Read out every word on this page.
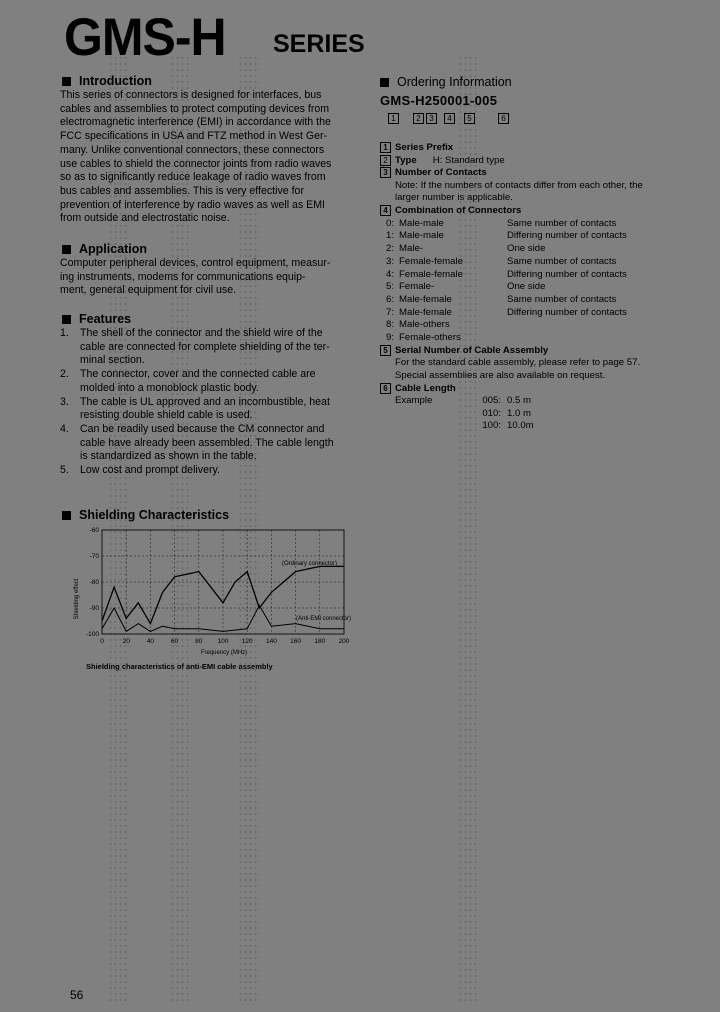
GMS-H SERIES
Introduction
This series of connectors is designed for interfaces, bus
cables and assemblies to protect computing devices from
electromagnetic interference (EMI) in accordance with the
FCC specifications in USA and FTZ method in West Ger-
many. Unlike conventional connectors, these connectors
use cables to shield the connector joints from radio waves
so as to significantly reduce leakage of radio waves from
bus cables and assemblies. This is very effective for
prevention of interference by radio waves as well as EMI
from outside and electrostatic noise.
Application
Computer peripheral devices, control equipment, measur-
ing instruments, modems for communications equip-
ment, general equipment for civil use.
Features
1.	The shell of the connector and the shield wire of the
cable are connected for complete shielding of the ter-
minal section.
2.	The connector, cover and the connected cable are
molded into a monoblock plastic body.
3.	The cable is UL approved and an incombustible, heat
resisting double shield cable is used.
4.	Can be readily used because the CM connector and
cable have already been assembled. The cable length
is standardized as shown in the table.
5.	Low cost and prompt delivery.
Shielding Characteristics
0	20	40	60	80 100 120 140 160 180 200
-60
-70
-80
-90
-100
Shielding effect
Frequency (MHz)
(Ordinary connector)
(Anti-EMI connector)
Shielding characteristics of anti-EMI cable assembly
Ordering Information
GMS-H250001-005
1	2	3	4	5	6
1 Series Prefix
2 Type H: Standard type
3 Number of Contacts
Note: If the numbers of contacts differ from each other, the
larger number is applicable.
4 Combination of Connectors
0: Male-male	Same number of contacts
1: Male-male	Differing number of contacts
2: Male-	One side
3: Female-female	Same number of contacts
4: Female-female	Differing number of contacts
5: Female-	One side
6: Male-female	Same number of contacts
7: Male-female	Differing number of contacts
8: Male-others
9: Female-others
5 Serial Number of Cable Assembly
For the standard cable assembly, please refer to page 57.
Special assemblies are also available on request.
6 Cable Length
Example	005: 0.5 m
010: 1.0 m
100: 10.0m
56
